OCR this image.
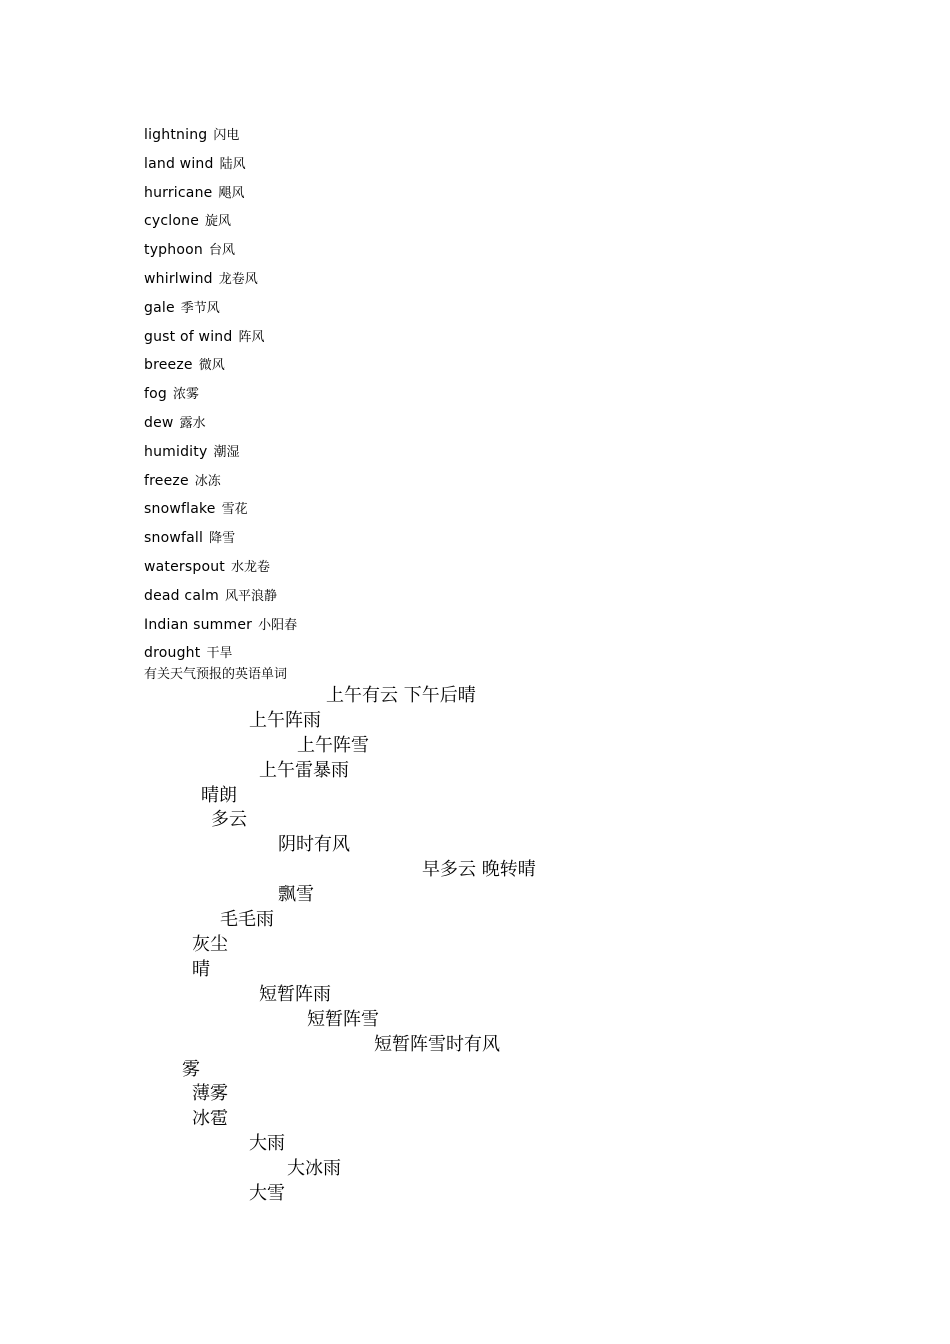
lightning 闪电
land wind 陆风
hurricane 飓风
cyclone 旋风
typhoon 台风
whirlwind 龙卷风
gale 季节风
gust of wind 阵风
breeze 微风
fog 浓雾
dew 露水
humidity 潮湿
freeze 冰冻
snowflake 雪花
snowfall 降雪
waterspout 水龙卷
dead calm 风平浪静
Indian summer 小阳春
drought 干旱
有关天气预报的英语单词
上午有云 下午后晴
上午阵雨
上午阵雪
上午雷暴雨
晴朗
多云
阴时有风
早多云 晚转晴
飘雪
毛毛雨
灰尘
晴
短暂阵雨
短暂阵雪
短暂阵雪时有风
雾
薄雾
冰雹
大雨
大冰雨
大雪
